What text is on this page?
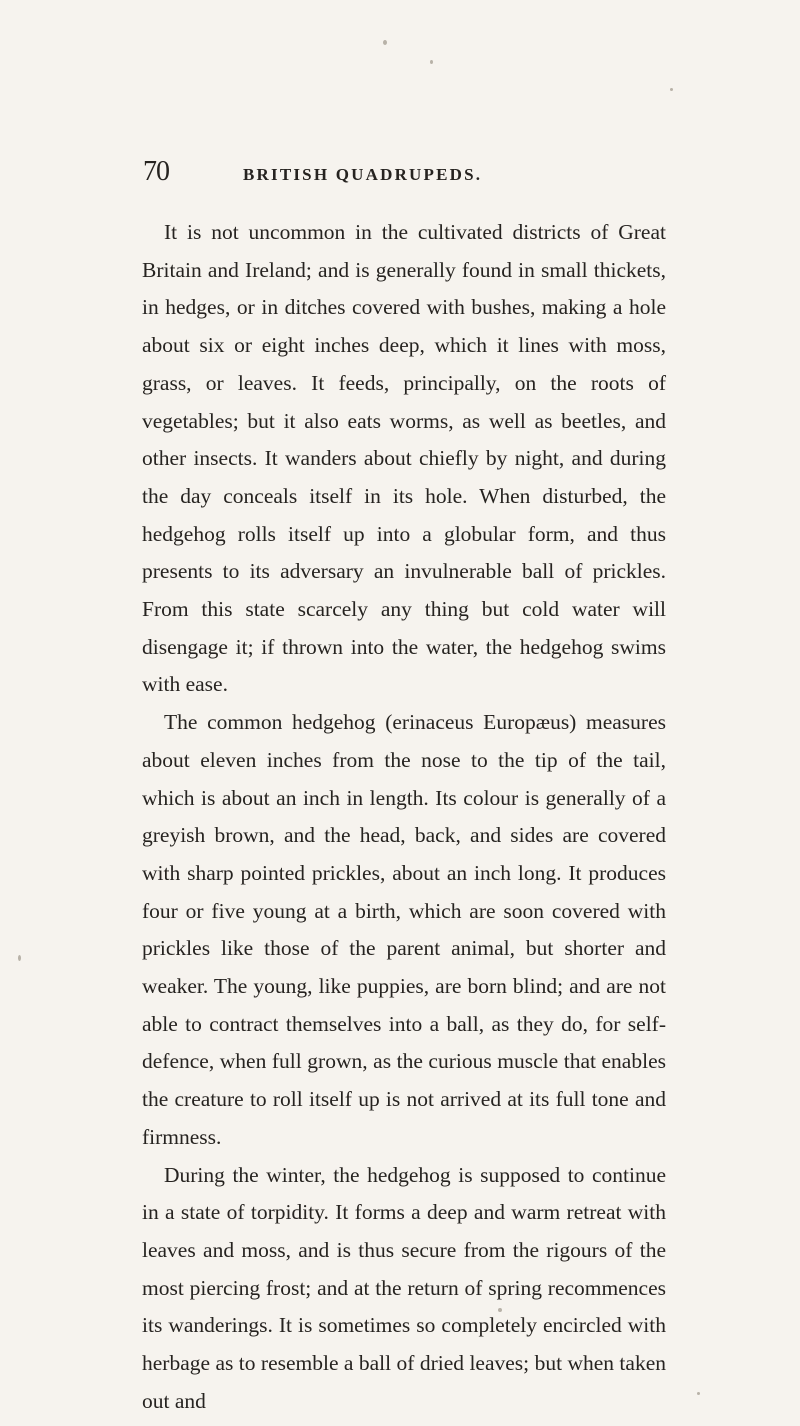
70	BRITISH QUADRUPEDS.

It is not uncommon in the cultivated districts of Great Britain and Ireland; and is generally found in small thickets, in hedges, or in ditches covered with bushes, making a hole about six or eight inches deep, which it lines with moss, grass, or leaves. It feeds, principally, on the roots of vegetables; but it also eats worms, as well as beetles, and other insects. It wanders about chiefly by night, and during the day conceals itself in its hole. When disturbed, the hedgehog rolls itself up into a globular form, and thus presents to its adversary an invulnerable ball of prickles. From this state scarcely any thing but cold water will disengage it; if thrown into the water, the hedgehog swims with ease.

The common hedgehog (erinaceus Europæus) measures about eleven inches from the nose to the tip of the tail, which is about an inch in length. Its colour is generally of a greyish brown, and the head, back, and sides are covered with sharp pointed prickles, about an inch long. It produces four or five young at a birth, which are soon covered with prickles like those of the parent animal, but shorter and weaker. The young, like puppies, are born blind; and are not able to contract themselves into a ball, as they do, for self-defence, when full grown, as the curious muscle that enables the creature to roll itself up is not arrived at its full tone and firmness.

During the winter, the hedgehog is supposed to continue in a state of torpidity. It forms a deep and warm retreat with leaves and moss, and is thus secure from the rigours of the most piercing frost; and at the return of spring recommences its wanderings. It is sometimes so completely encircled with herbage as to resemble a ball of dried leaves; but when taken out and
